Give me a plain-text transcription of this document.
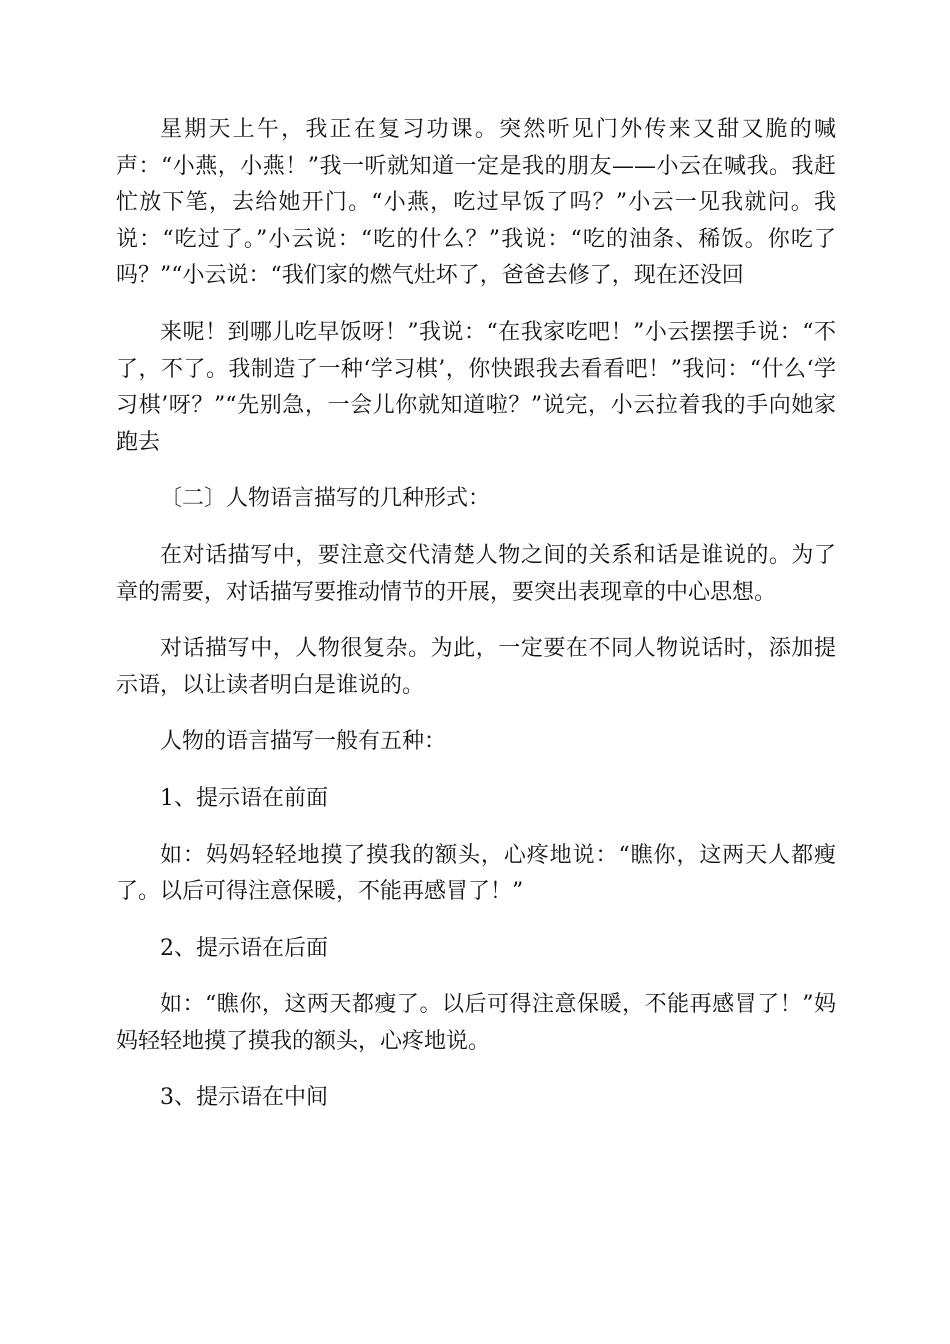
星期天上午，我正在复习功课。突然听见门外传来又甜又脆的喊声：“小燕，小燕！”我一听就知道一定是我的朋友——小云在喊我。我赶忙放下笔，去给她开门。“小燕，吃过早饭了吗？”小云一见我就问。我说：“吃过了。”小云说：“吃的什么？”我说：“吃的油条、稀饭。你吃了吗？”“小云说：“我们家的燃气灶坏了，爸爸去修了，现在还没回

来呢！到哪儿吃早饭呀！”我说：“在我家吃吧！”小云摆摆手说：“不了，不了。我制造了一种‘学习棋’，你快跟我去看看吧！”我问：“什么‘学习棋’呀？”“先别急，一会儿你就知道啦？”说完，小云拉着我的手向她家跑去

〔二〕人物语言描写的几种形式：

在对话描写中，要注意交代清楚人物之间的关系和话是谁说的。为了章的需要，对话描写要推动情节的开展，要突出表现章的中心思想。

对话描写中，人物很复杂。为此，一定要在不同人物说话时，添加提示语，以让读者明白是谁说的。

人物的语言描写一般有五种：

1、提示语在前面

如：妈妈轻轻地摸了摸我的额头，心疼地说：“瞧你，这两天人都瘦了。以后可得注意保暖，不能再感冒了！”

2、提示语在后面

如：“瞧你，这两天都瘦了。以后可得注意保暖，不能再感冒了！”妈妈轻轻地摸了摸我的额头，心疼地说。

3、提示语在中间
